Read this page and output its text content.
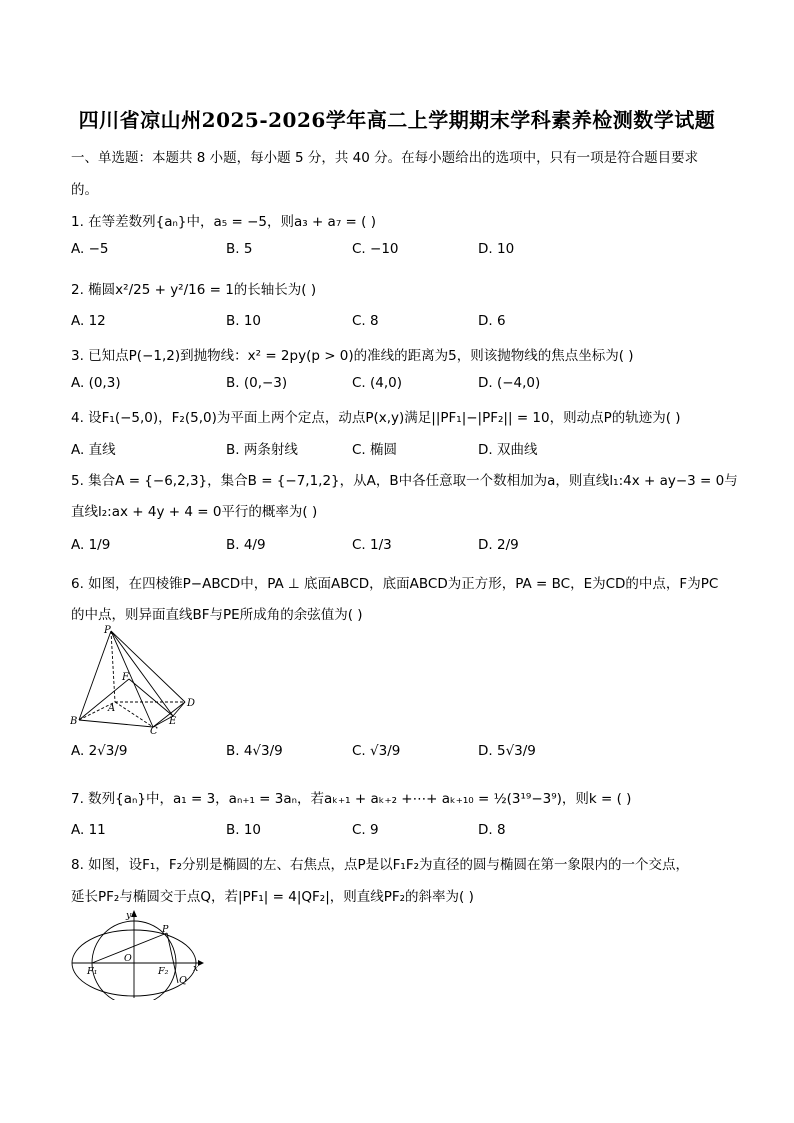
四川省凉山州2025-2026学年高二上学期期末学科素养检测数学试题
一、单选题：本题共 8 小题，每小题 5 分，共 40 分。在每小题给出的选项中，只有一项是符合题目要求
的。
1. 在等差数列{aₙ}中，a₅ = −5，则a₃ + a₇ = ( )
A. −5	B. 5	C. −10	D. 10
2. 椭圆x²/25 + y²/16 = 1的长轴长为( )
A. 12	B. 10	C. 8	D. 6
3. 已知点P(−1,2)到抛物线：x² = 2py(p > 0)的准线的距离为5，则该抛物线的焦点坐标为( )
A. (0,3)	B. (0,−3)	C. (4,0)	D. (−4,0)
4. 设F₁(−5,0)，F₂(5,0)为平面上两个定点，动点P(x,y)满足||PF₁|−|PF₂|| = 10，则动点P的轨迹为( )
A. 直线	B. 两条射线	C. 椭圆	D. 双曲线
5. 集合A = {−6,2,3}，集合B = {−7,1,2}，从A，B中各任意取一个数相加为a，则直线l₁:4x + ay−3 = 0与
直线l₂:ax + 4y + 4 = 0平行的概率为( )
A. 1/9	B. 4/9	C. 1/3	D. 2/9
6. 如图，在四棱锥P−ABCD中，PA ⊥ 底面ABCD，底面ABCD为正方形，PA = BC，E为CD的中点，F为PC
的中点，则异面直线BF与PE所成角的余弦值为( )
P
F
A
B
C
D
E
A. 2√3/9	B. 4√3/9	C. √3/9	D. 5√3/9
7. 数列{aₙ}中，a₁ = 3，aₙ₊₁ = 3aₙ，若aₖ₊₁ + aₖ₊₂ +⋯+ aₖ₊₁₀ = ½(3¹⁹−3⁹)，则k = ( )
A. 11	B. 10	C. 9	D. 8
8. 如图，设F₁，F₂分别是椭圆的左、右焦点，点P是以F₁F₂为直径的圆与椭圆在第一象限内的一个交点，
延长PF₂与椭圆交于点Q，若|PF₁| = 4|QF₂|，则直线PF₂的斜率为( )
y
x
O
P
Q
F₁	F₂
